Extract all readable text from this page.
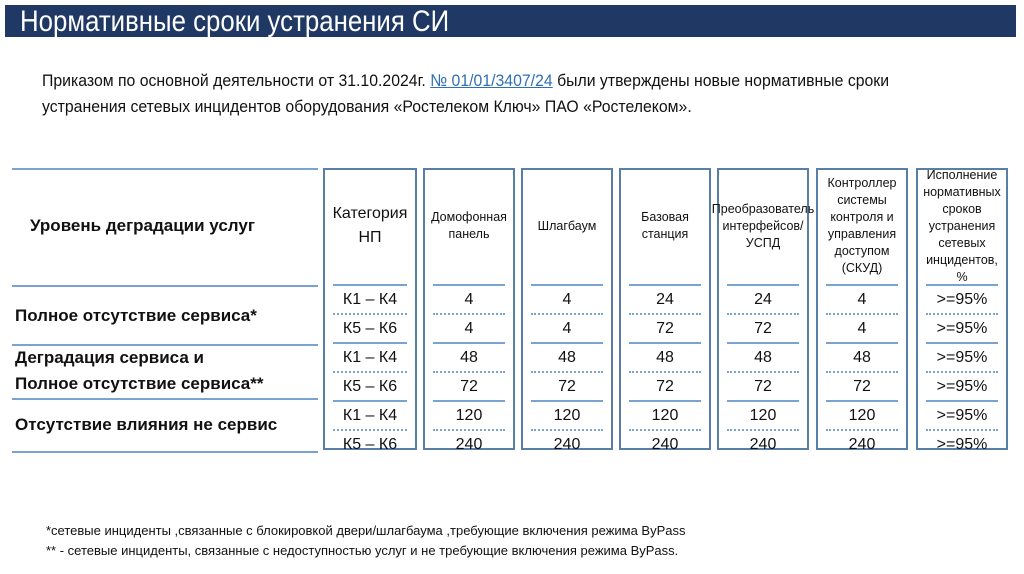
Нормативные сроки устранения СИ
Приказом по основной деятельности от 31.10.2024г. № 01/01/3407/24 были утверждены новые нормативные сроки
устранения сетевых инцидентов оборудования «Ростелеком Ключ» ПАО «Ростелеком».
Уровень деградации услуг
Полное отсутствие сервиса*
Деградация сервиса и
Полное отсутствие сервиса**
Отсутствие влияния не сервис
Категория НП
К1 – К4
К5 – К6
К1 – К4
К5 – К6
К1 – К4
К5 – К6
Домофонная панель
4
4
48
72
120
240
Шлагбаум
4
4
48
72
120
240
Базовая станция
24
72
48
72
120
240
Преобразователь интерфейсов/ УСПД
24
72
48
72
120
240
Контроллер системы контроля и управления доступом (СКУД)
4
4
48
72
120
240
Исполнение нормативных сроков устранения сетевых инцидентов, %
>=95%
>=95%
>=95%
>=95%
>=95%
>=95%
*сетевые инциденты ,связанные с блокировкой двери/шлагбаума ,требующие включения режима ByPass
** - сетевые инциденты, связанные с недоступностью услуг и не требующие включения режима ByPass.
